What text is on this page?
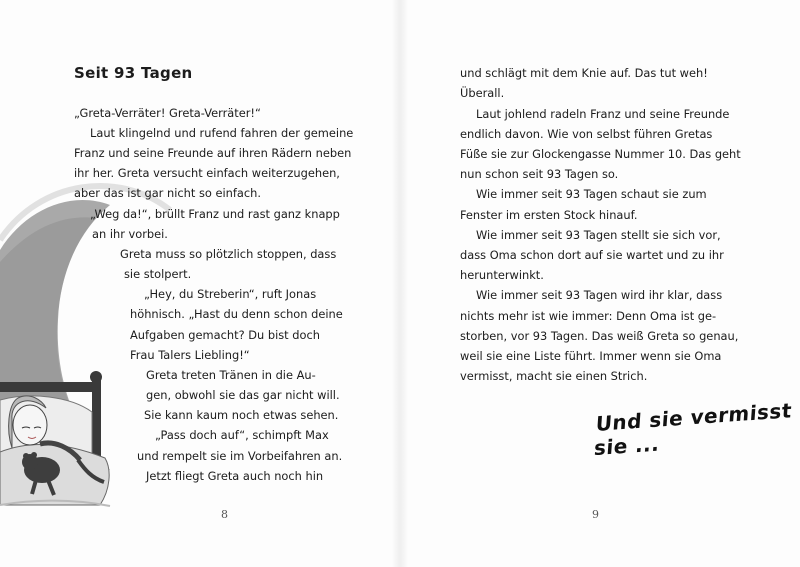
Seit 93 Tagen
„Greta-Verräter! Greta-Verräter!“
Laut klingelnd und rufend fahren der gemeine
Franz und seine Freunde auf ihren Rädern neben
ihr her. Greta versucht einfach weiterzugehen,
aber das ist gar nicht so einfach.
„Weg da!“, brüllt Franz und rast ganz knapp
an ihr vorbei.
Greta muss so plötzlich stoppen, dass
sie stolpert.
„Hey, du Streberin“, ruft Jonas
höhnisch. „Hast du denn schon deine
Aufgaben gemacht? Du bist doch
Frau Talers Liebling!“
Greta treten Tränen in die Au-
gen, obwohl sie das gar nicht will.
Sie kann kaum noch etwas sehen.
„Pass doch auf“, schimpft Max
und rempelt sie im Vorbeifahren an.
Jetzt fliegt Greta auch noch hin
8
und schlägt mit dem Knie auf. Das tut weh!
Überall.
Laut johlend radeln Franz und seine Freunde
endlich davon. Wie von selbst führen Gretas
Füße sie zur Glockengasse Nummer 10. Das geht
nun schon seit 93 Tagen so.
Wie immer seit 93 Tagen schaut sie zum
Fenster im ersten Stock hinauf.
Wie immer seit 93 Tagen stellt sie sich vor,
dass Oma schon dort auf sie wartet und zu ihr
herunterwinkt.
Wie immer seit 93 Tagen wird ihr klar, dass
nichts mehr ist wie immer: Denn Oma ist ge-
storben, vor 93 Tagen. Das weiß Greta so genau,
weil sie eine Liste führt. Immer wenn sie Oma
vermisst, macht sie einen Strich.
Und sie vermisst sie ...
9
